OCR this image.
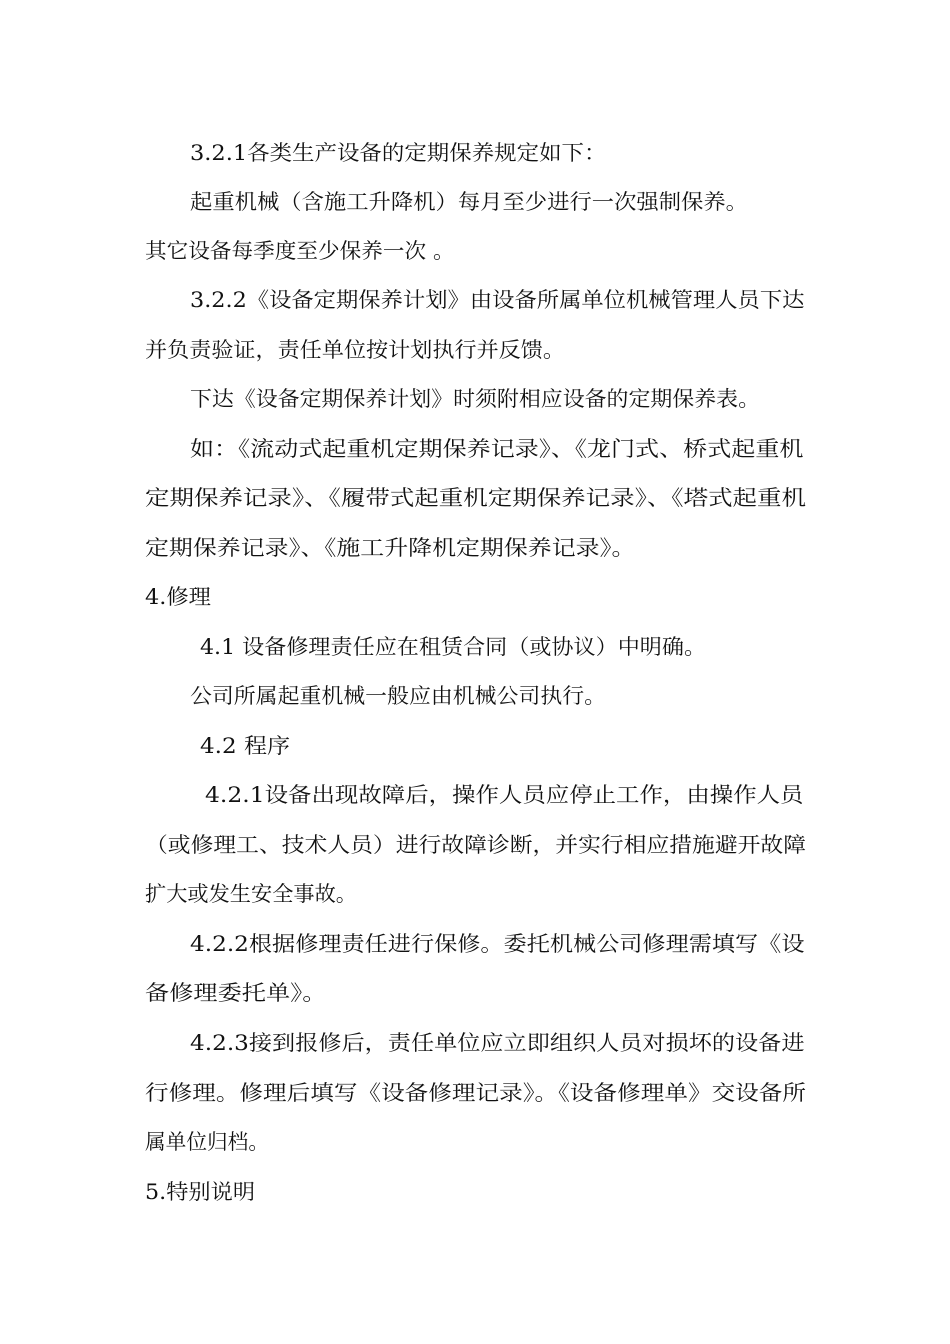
3.2.1各类生产设备的定期保养规定如下：

起重机械（含施工升降机）每月至少进行一次强制保养。

其它设备每季度至少保养一次 。

3.2.2《设备定期保养计划》由设备所属单位机械管理人员下达

并负责验证，责任单位按计划执行并反馈。

下达《设备定期保养计划》时须附相应设备的定期保养表。

如：《流动式起重机定期保养记录》、《龙门式、桥式起重机

定期保养记录》、《履带式起重机定期保养记录》、《塔式起重机

定期保养记录》、《施工升降机定期保养记录》。

4.修理

4.1 设备修理责任应在租赁合同（或协议）中明确。

公司所属起重机械一般应由机械公司执行。

4.2 程序

4.2.1设备出现故障后，操作人员应停止工作，由操作人员

（或修理工、技术人员）进行故障诊断，并实行相应措施避开故障

扩大或发生安全事故。

4.2.2根据修理责任进行保修。委托机械公司修理需填写《设

备修理委托单》。

4.2.3接到报修后，责任单位应立即组织人员对损坏的设备进

行修理。修理后填写《设备修理记录》。《设备修理单》交设备所

属单位归档。

5.特别说明
